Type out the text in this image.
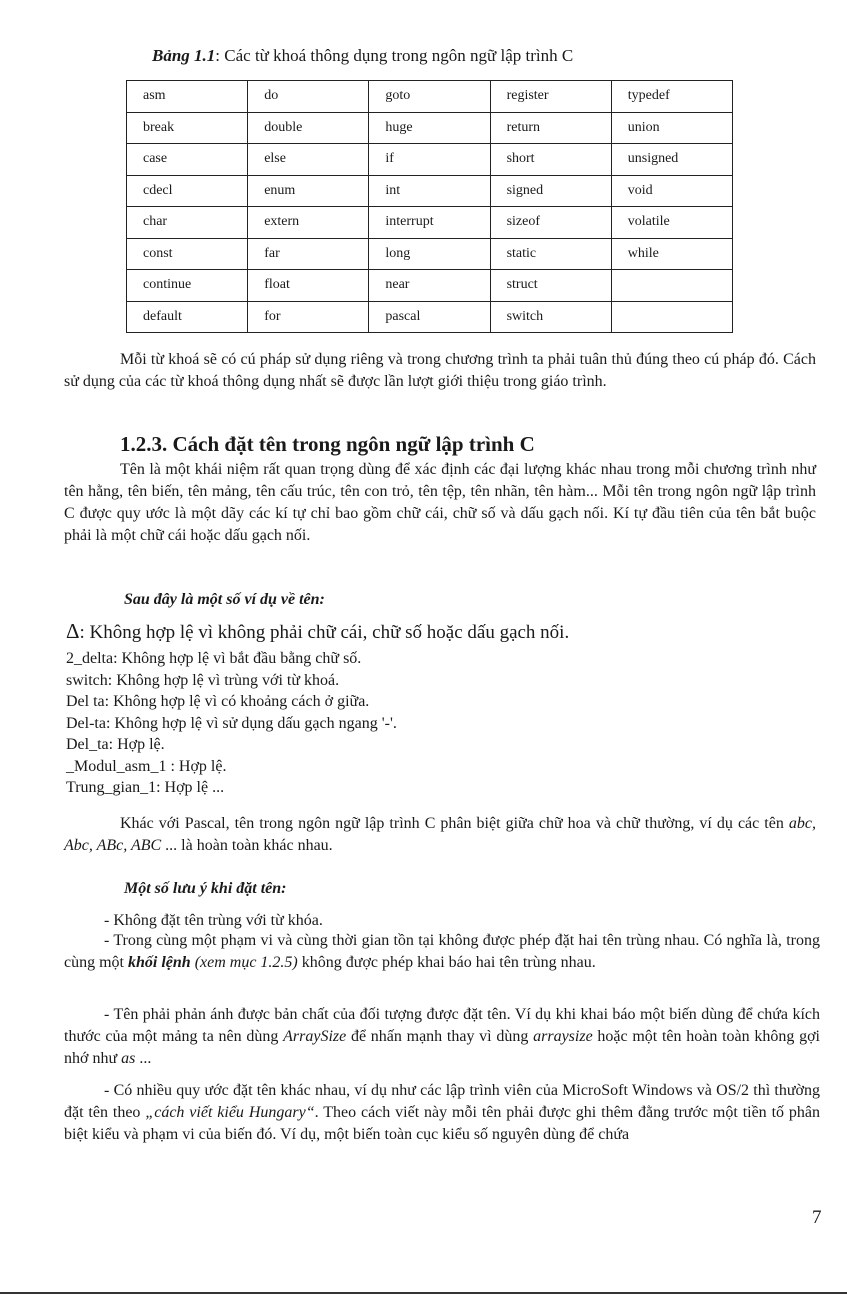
Bảng 1.1: Các từ khoá thông dụng trong ngôn ngữ lập trình C
asm	do	goto	register	typedef
break	double	huge	return	union
case	else	if	short	unsigned
cdecl	enum	int	signed	void
char	extern	interrupt	sizeof	volatile
const	far	long	static	while
continue	float	near	struct	
default	for	pascal	switch	

Mỗi từ khoá sẽ có cú pháp sử dụng riêng và trong chương trình ta phải tuân thủ đúng theo cú pháp đó. Cách sử dụng của các từ khoá thông dụng nhất sẽ được lần lượt giới thiệu trong giáo trình.

1.2.3. Cách đặt tên trong ngôn ngữ lập trình C

Tên là một khái niệm rất quan trọng dùng để xác định các đại lượng khác nhau trong mỗi chương trình như tên hằng, tên biến, tên mảng, tên cấu trúc, tên con trỏ, tên tệp, tên nhãn, tên hàm... Mỗi tên trong ngôn ngữ lập trình C được quy ước là một dãy các kí tự chỉ bao gồm chữ cái, chữ số và dấu gạch nối. Kí tự đầu tiên của tên bắt buộc phải là một chữ cái hoặc dấu gạch nối.

Sau đây là một số ví dụ về tên:
Δ: Không hợp lệ vì không phải chữ cái, chữ số hoặc dấu gạch nối.
2_delta: Không hợp lệ vì bắt đầu bằng chữ số.
switch: Không hợp lệ vì trùng với từ khoá.
Del ta: Không hợp lệ vì có khoảng cách ở giữa.
Del-ta: Không hợp lệ vì sử dụng dấu gạch ngang '-'.
Del_ta: Hợp lệ.
_Modul_asm_1 : Hợp lệ.
Trung_gian_1: Hợp lệ ...

Khác với Pascal, tên trong ngôn ngữ lập trình C phân biệt giữa chữ hoa và chữ thường, ví dụ các tên abc, Abc, ABc, ABC ... là hoàn toàn khác nhau.

Một số lưu ý khi đặt tên:

- Không đặt tên trùng với từ khóa.

- Trong cùng một phạm vi và cùng thời gian tồn tại không được phép đặt hai tên trùng nhau. Có nghĩa là, trong cùng một khối lệnh (xem mục 1.2.5) không được phép khai báo hai tên trùng nhau.

- Tên phải phản ánh được bản chất của đối tượng được đặt tên. Ví dụ khi khai báo một biến dùng để chứa kích thước của một mảng ta nên dùng ArraySize để nhấn mạnh thay vì dùng arraysize hoặc một tên hoàn toàn không gợi nhớ như as ...

- Có nhiều quy ước đặt tên khác nhau, ví dụ như các lập trình viên của MicroSoft Windows và OS/2 thì thường đặt tên theo „cách viết kiểu Hungary“. Theo cách viết này mỗi tên phải được ghi thêm đằng trước một tiền tố phân biệt kiểu và phạm vi của biến đó. Ví dụ, một biến toàn cục kiểu số nguyên dùng để chứa

7
